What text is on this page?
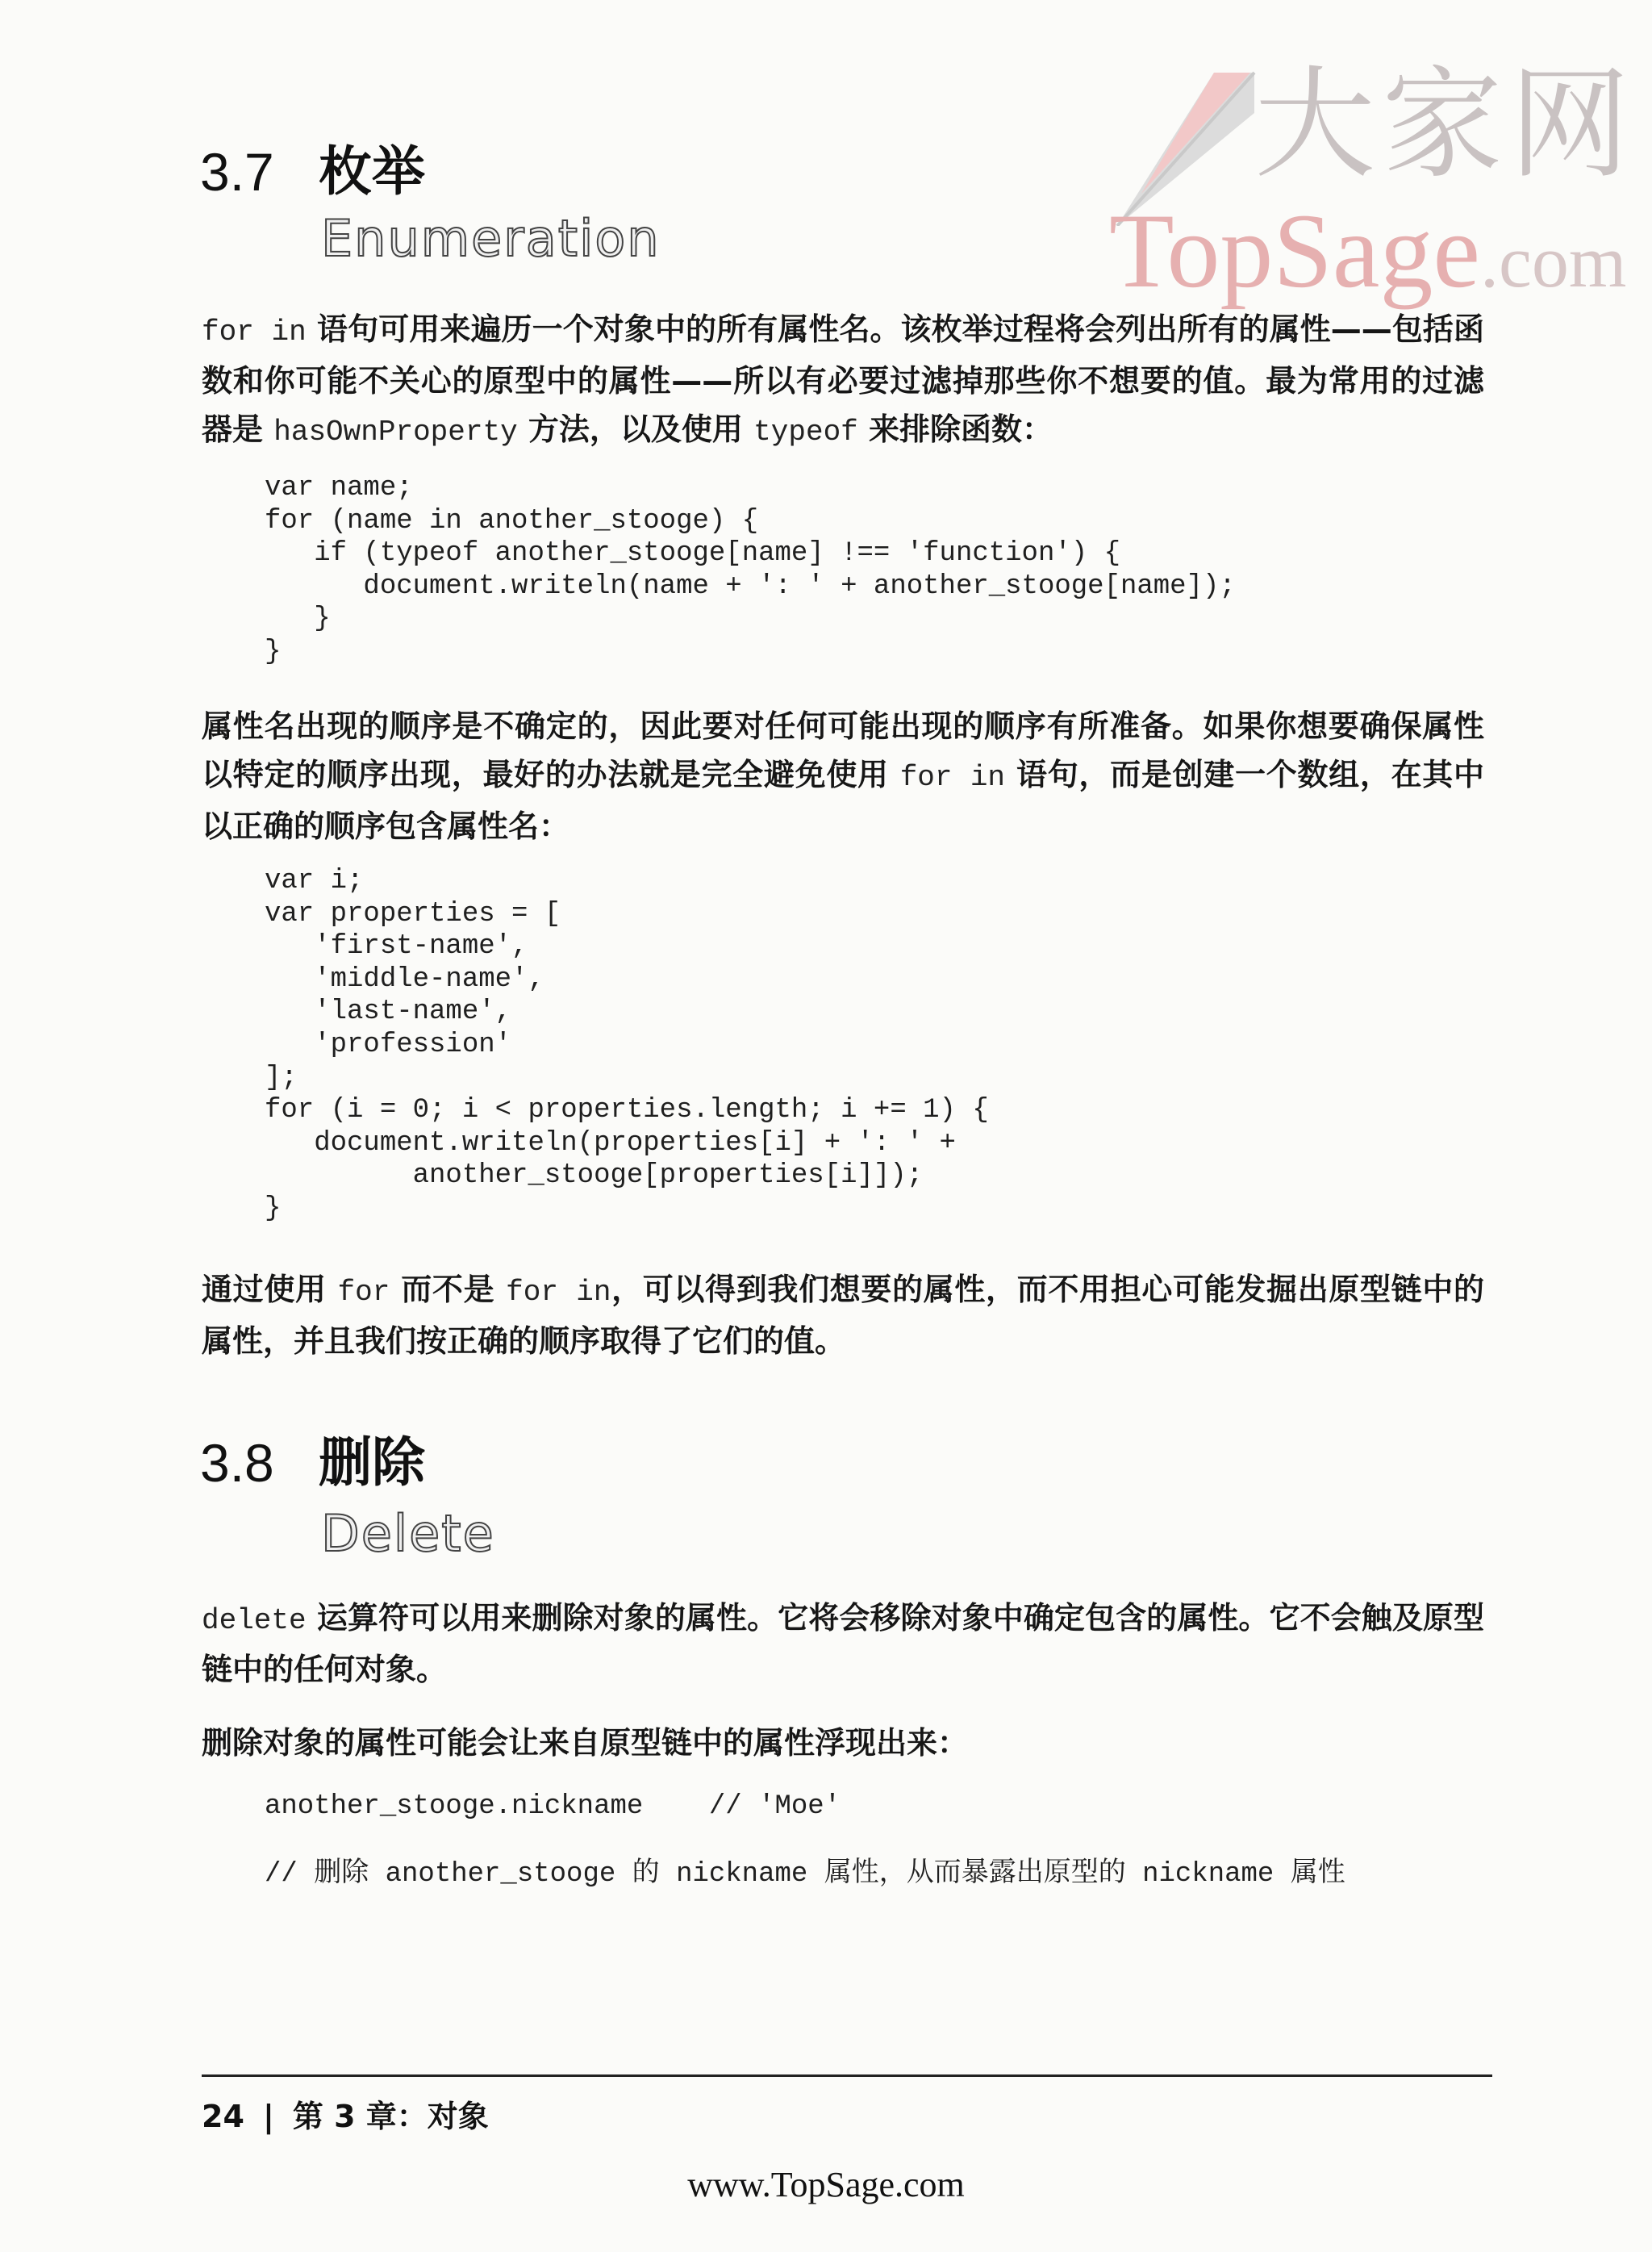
大家网
TopSage.com
3.7 枚举
Enumeration

for in 语句可用来遍历一个对象中的所有属性名。该枚举过程将会列出所有的属性——包括函数和你可能不关心的原型中的属性——所以有必要过滤掉那些你不想要的值。最为常用的过滤器是 hasOwnProperty 方法，以及使用 typeof 来排除函数：

var name;
for (name in another_stooge) {
if (typeof another_stooge[name] !== 'function') {
document.writeln(name + ': ' + another_stooge[name]);
}
}

属性名出现的顺序是不确定的，因此要对任何可能出现的顺序有所准备。如果你想要确保属性以特定的顺序出现，最好的办法就是完全避免使用 for in 语句，而是创建一个数组，在其中以正确的顺序包含属性名：

var i;
var properties = [
'first-name',
'middle-name',
'last-name',
'profession'
];
for (i = 0; i < properties.length; i += 1) {
document.writeln(properties[i] + ': ' +
another_stooge[properties[i]]);
}

通过使用 for 而不是 for in，可以得到我们想要的属性，而不用担心可能发掘出原型链中的属性，并且我们按正确的顺序取得了它们的值。

3.8 删除
Delete

delete 运算符可以用来删除对象的属性。它将会移除对象中确定包含的属性。它不会触及原型链中的任何对象。

删除对象的属性可能会让来自原型链中的属性浮现出来：

another_stooge.nickname    // 'Moe'

// 删除 another_stooge 的 nickname 属性，从而暴露出原型的 nickname 属性
24 | 第 3 章：对象
www.TopSage.com
